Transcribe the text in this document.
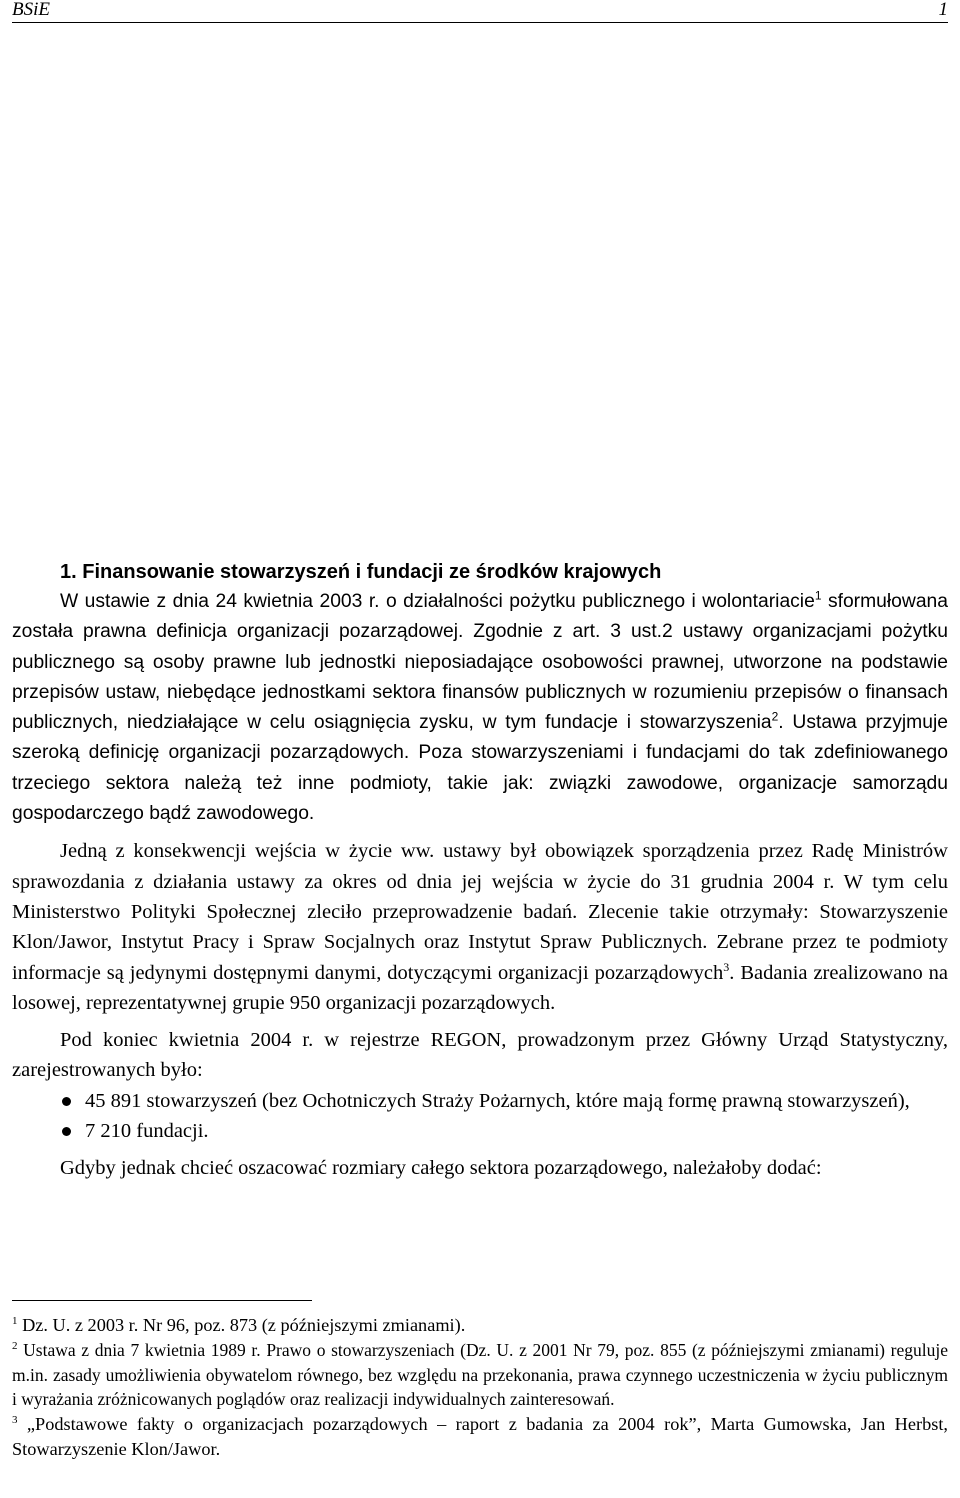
BSiE	1
1. Finansowanie stowarzyszeń i fundacji ze środków krajowych

W ustawie z dnia 24 kwietnia 2003 r. o działalności pożytku publicznego i wolontariacie$^1$ sformułowana została prawna definicja organizacji pozarządowej. Zgodnie z art. 3 ust.2 ustawy organizacjami pożytku publicznego są osoby prawne lub jednostki nieposiadające osobowości prawnej, utworzone na podstawie przepisów ustaw, niebędące jednostkami sektora finansów publicznych w rozumieniu przepisów o finansach publicznych, niedziałające w celu osiągnięcia zysku, w tym fundacje i stowarzyszenia$^2$. Ustawa przyjmuje szeroką definicję organizacji pozarządowych. Poza stowarzyszeniami i fundacjami do tak zdefiniowanego trzeciego sektora należą też inne podmioty, takie jak: związki zawodowe, organizacje samorządu gospodarczego bądź zawodowego.

Jedną z konsekwencji wejścia w życie ww. ustawy był obowiązek sporządzenia przez Radę Ministrów sprawozdania z działania ustawy za okres od dnia jej wejścia w życie do 31 grudnia 2004 r. W tym celu Ministerstwo Polityki Społecznej zleciło przeprowadzenie badań. Zlecenie takie otrzymały: Stowarzyszenie Klon/Jawor, Instytut Pracy i Spraw Socjalnych oraz Instytut Spraw Publicznych. Zebrane przez te podmioty informacje są jedynymi dostępnymi danymi, dotyczącymi organizacji pozarządowych$^3$. Badania zrealizowano na losowej, reprezentatywnej grupie 950 organizacji pozarządowych.

Pod koniec kwietnia 2004 r. w rejestrze REGON, prowadzonym przez Główny Urząd Statystyczny, zarejestrowanych było:

45 891 stowarzyszeń (bez Ochotniczych Straży Pożarnych, które mają formę prawną stowarzyszeń),
7 210 fundacji.

Gdyby jednak chcieć oszacować rozmiary całego sektora pozarządowego, należałoby dodać:

$^1$ Dz. U. z 2003 r. Nr 96, poz. 873 (z późniejszymi zmianami).

$^2$ Ustawa z dnia 7 kwietnia 1989 r. Prawo o stowarzyszeniach (Dz. U. z 2001 Nr 79, poz. 855 (z późniejszymi zmianami) reguluje m.in. zasady umożliwienia obywatelom równego, bez względu na przekonania, prawa czynnego uczestniczenia w życiu publicznym i wyrażania zróżnicowanych poglądów oraz realizacji indywidualnych zainteresowań.

$^3$ „Podstawowe fakty o organizacjach pozarządowych – raport z badania za 2004 rok”, Marta Gumowska, Jan Herbst, Stowarzyszenie Klon/Jawor.
